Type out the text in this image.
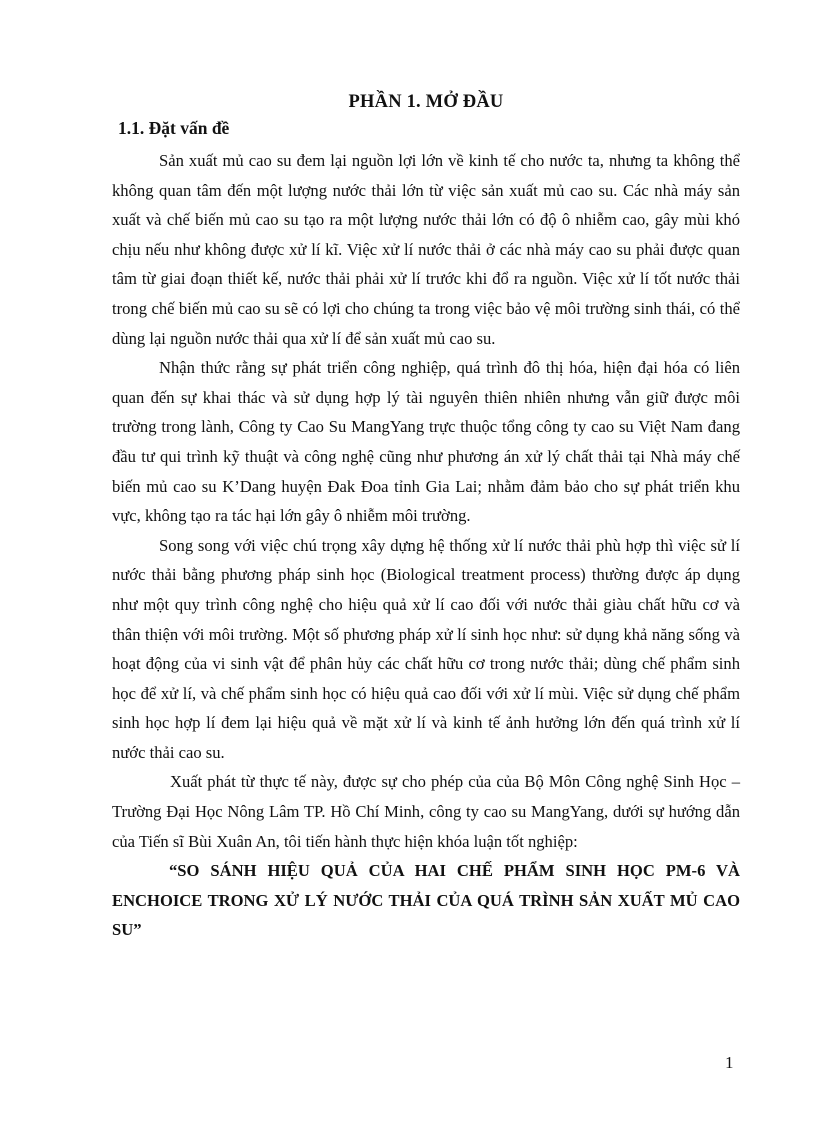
PHẦN 1. MỞ ĐẦU
1.1. Đặt vấn đề

Sản xuất mủ cao su đem lại nguồn lợi lớn về kinh tế cho nước ta, nhưng ta không thể không quan tâm đến một lượng nước thải lớn từ việc sản xuất mủ cao su. Các nhà máy sản xuất và chế biến mủ cao su tạo ra một lượng nước thải lớn có độ ô nhiễm cao, gây mùi khó chịu nếu như không được xử lí kĩ. Việc xử lí nước thải ở các nhà máy cao su phải được quan tâm từ giai đoạn thiết kế, nước thải phải xử lí trước khi đổ ra nguồn. Việc xử lí tốt nước thải trong chế biến mủ cao su sẽ có lợi cho chúng ta trong việc bảo vệ môi trường sinh thái, có thể dùng lại nguồn nước thải qua xử lí để sản xuất mủ cao su.

Nhận thức rằng sự phát triển công nghiệp, quá trình đô thị hóa, hiện đại hóa có liên quan đến sự khai thác và sử dụng hợp lý tài nguyên thiên nhiên nhưng vẫn giữ được môi trường trong lành, Công ty Cao Su MangYang trực thuộc tổng công ty cao su Việt Nam đang đầu tư qui trình kỹ thuật và công nghệ cũng như phương án xử lý chất thải tại Nhà máy chế biến mủ cao su K’Dang huyện Đak Đoa tỉnh Gia Lai; nhằm đảm bảo cho sự phát triển khu vực, không tạo ra tác hại lớn gây ô nhiễm môi trường.

Song song với việc chú trọng xây dựng hệ thống xử lí nước thải phù hợp thì việc sử lí nước thải bằng phương pháp sinh học (Biological treatment process) thường được áp dụng như một quy trình công nghệ cho hiệu quả xử lí cao đối với nước thải giàu chất hữu cơ và thân thiện với môi trường. Một số phương pháp xử lí sinh học như: sử dụng khả năng sống và hoạt động của vi sinh vật để phân hủy các chất hữu cơ trong nước thải; dùng chế phẩm sinh học để xử lí, và chế phẩm sinh học có hiệu quả cao đối với xử lí mùi. Việc sử dụng chế phẩm sinh học hợp lí đem lại hiệu quả về mặt xử lí và kinh tế ảnh hưởng lớn đến quá trình xử lí nước thải cao su.

Xuất phát từ thực tế này, được sự cho phép của của Bộ Môn Công nghệ Sinh Học – Trường Đại Học Nông Lâm TP. Hồ Chí Minh, công ty cao su MangYang, dưới sự hướng dẫn của Tiến sĩ Bùi Xuân An, tôi tiến hành thực hiện khóa luận tốt nghiệp:

“SO SÁNH HIỆU QUẢ CỦA HAI CHẾ PHẨM SINH HỌC PM-6 VÀ ENCHOICE TRONG XỬ LÝ NƯỚC THẢI CỦA QUÁ TRÌNH SẢN XUẤT MỦ CAO SU”

1
